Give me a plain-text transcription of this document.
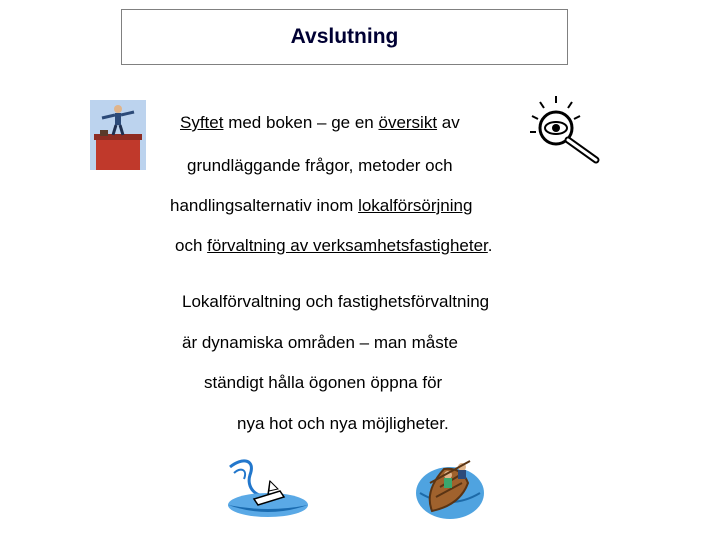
Avslutning
Syftet med boken – ge en översikt av
grundläggande frågor, metoder och
handlingsalternativ inom lokalförsörjning
och förvaltning av verksamhetsfastigheter.
Lokalförvaltning och fastighetsförvaltning
är dynamiska områden – man måste
ständigt hålla ögonen öppna för
nya hot och nya möjligheter.
